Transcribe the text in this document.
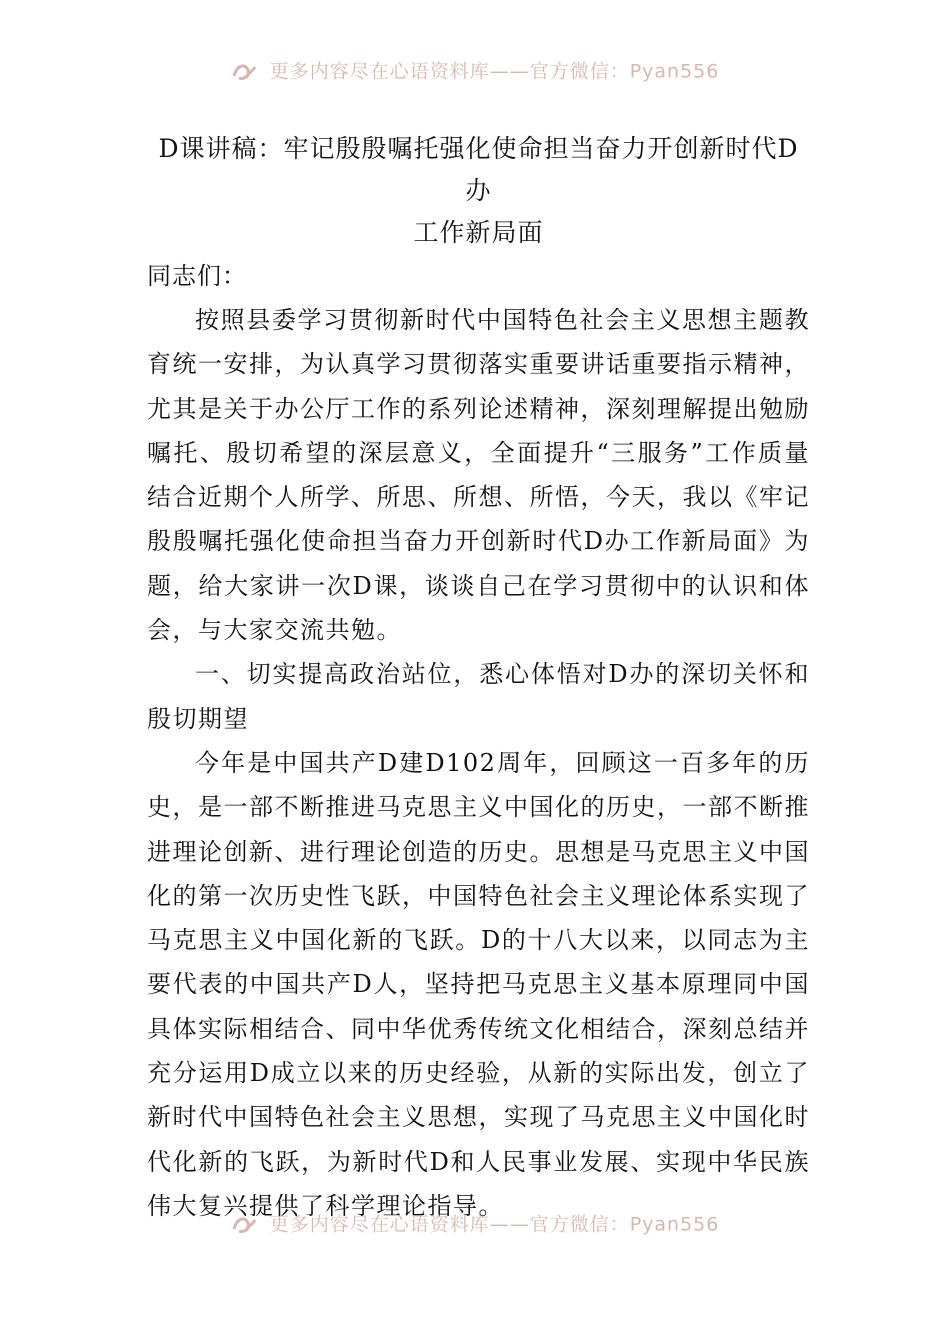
更多内容尽在心语资料库——官方微信：Pyan556

D课讲稿：牢记殷殷嘱托强化使命担当奋力开创新时代D办

工作新局面

同志们：

按照县委学习贯彻新时代中国特色社会主义思想主题教育统一安排，为认真学习贯彻落实重要讲话重要指示精神，尤其是关于办公厅工作的系列论述精神，深刻理解提出勉励嘱托、殷切希望的深层意义，全面提升“三服务”工作质量结合近期个人所学、所思、所想、所悟，今天，我以《牢记殷殷嘱托强化使命担当奋力开创新时代D办工作新局面》为题，给大家讲一次D课，谈谈自己在学习贯彻中的认识和体会，与大家交流共勉。

一、切实提高政治站位，悉心体悟对D办的深切关怀和殷切期望

今年是中国共产D建D102周年，回顾这一百多年的历史，是一部不断推进马克思主义中国化的历史，一部不断推进理论创新、进行理论创造的历史。思想是马克思主义中国化的第一次历史性飞跃，中国特色社会主义理论体系实现了马克思主义中国化新的飞跃。D的十八大以来，以同志为主要代表的中国共产D人，坚持把马克思主义基本原理同中国具体实际相结合、同中华优秀传统文化相结合，深刻总结并充分运用D成立以来的历史经验，从新的实际出发，创立了新时代中国特色社会主义思想，实现了马克思主义中国化时代化新的飞跃，为新时代D和人民事业发展、实现中华民族伟大复兴提供了科学理论指导。

更多内容尽在心语资料库——官方微信：Pyan556
